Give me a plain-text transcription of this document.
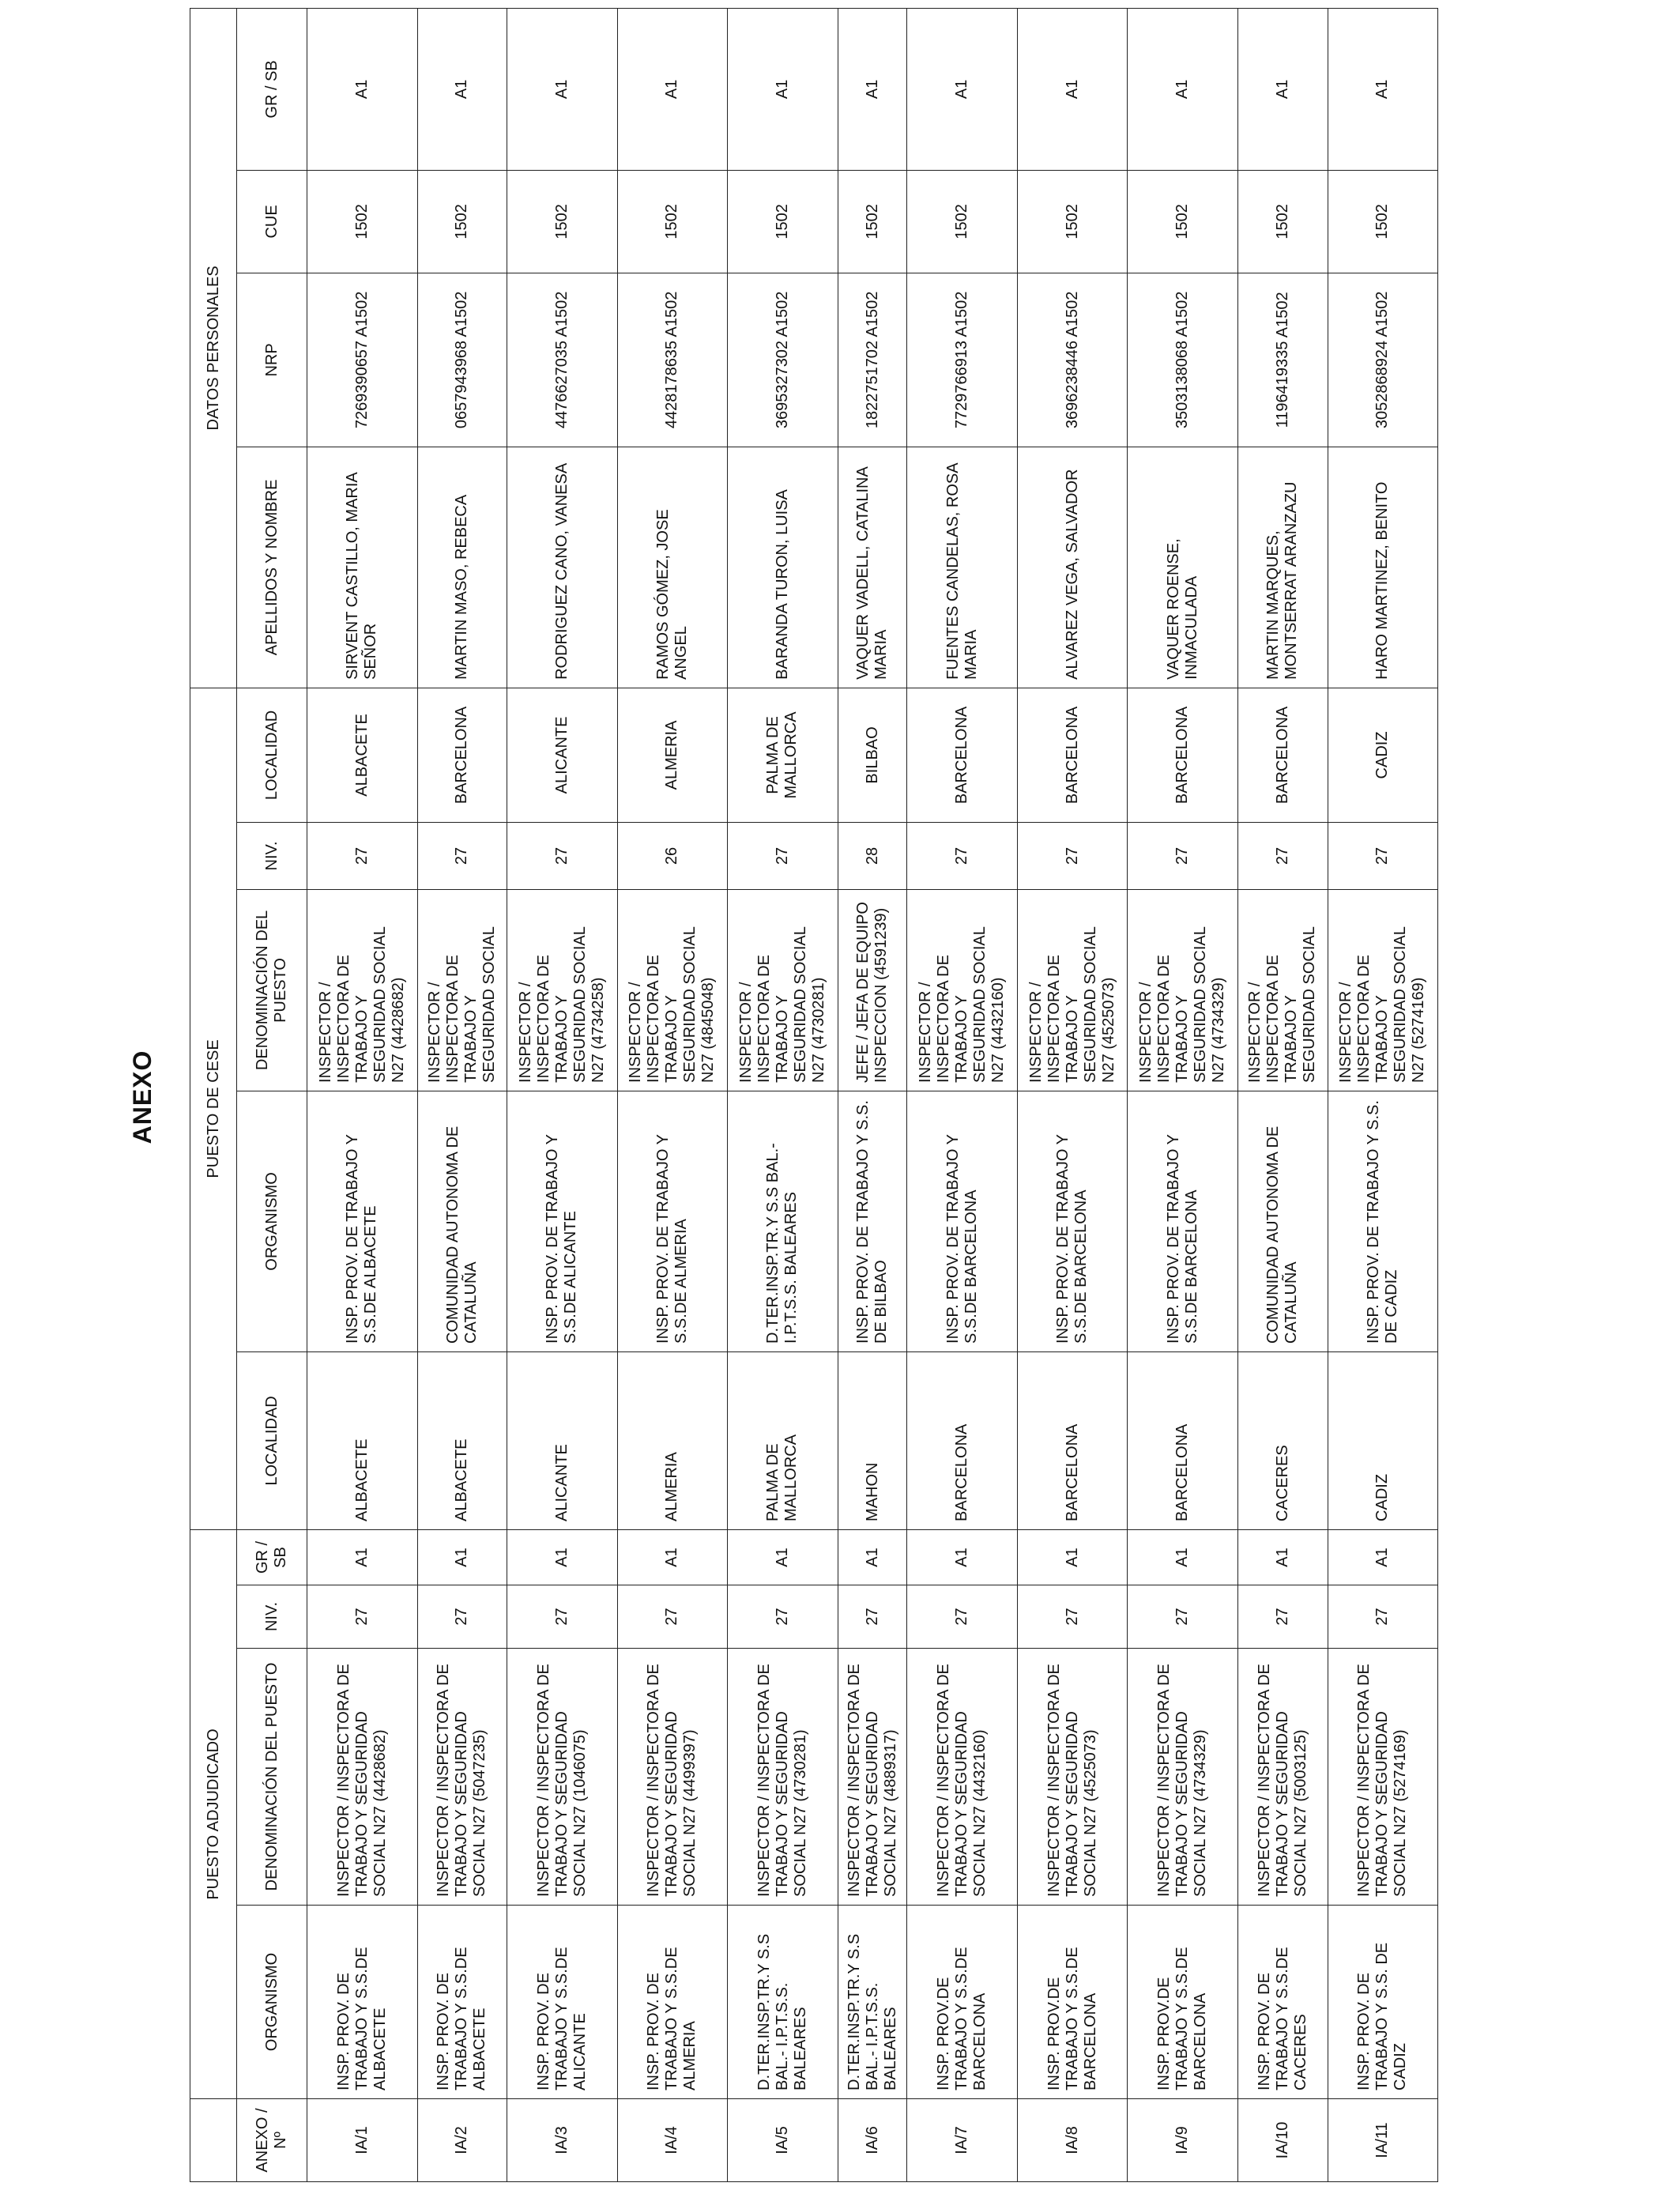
ANEXO
	PUESTO ADJUDICADO				PUESTO DE CESE					DATOS PERSONALES			
ANEXO / Nº	ORGANISMO	DENOMINACIÓN DEL PUESTO	NIV.	GR / SB	LOCALIDAD	ORGANISMO	DENOMINACIÓN DEL PUESTO	NIV.	LOCALIDAD	APELLIDOS Y NOMBRE	NRP	CUE	GR / SB
IA/1	INSP. PROV. DE TRABAJO Y S.S.DE ALBACETE	INSPECTOR / INSPECTORA DE TRABAJO Y SEGURIDAD SOCIAL N27 (4428682)	27	A1	ALBACETE	INSP. PROV. DE TRABAJO Y S.S.DE ALBACETE	INSPECTOR / INSPECTORA DE TRABAJO Y SEGURIDAD SOCIAL N27 (4428682)	27	ALBACETE	SIRVENT CASTILLO, MARIA SEÑOR	7269390657 A1502	1502	A1
IA/2	INSP. PROV. DE TRABAJO Y S.S.DE ALBACETE	INSPECTOR / INSPECTORA DE TRABAJO Y SEGURIDAD SOCIAL N27 (5047235)	27	A1	ALBACETE	COMUNIDAD AUTONOMA DE CATALUÑA	INSPECTOR / INSPECTORA DE TRABAJO Y SEGURIDAD SOCIAL	27	BARCELONA	MARTIN MASO, REBECA	0657943968 A1502	1502	A1
IA/3	INSP. PROV. DE TRABAJO Y S.S.DE ALICANTE	INSPECTOR / INSPECTORA DE TRABAJO Y SEGURIDAD SOCIAL N27 (1046075)	27	A1	ALICANTE	INSP. PROV. DE TRABAJO Y S.S.DE ALICANTE	INSPECTOR / INSPECTORA DE TRABAJO Y SEGURIDAD SOCIAL N27 (4734258)	27	ALICANTE	RODRIGUEZ CANO, VANESA	4476627035 A1502	1502	A1
IA/4	INSP. PROV. DE TRABAJO Y S.S.DE ALMERIA	INSPECTOR / INSPECTORA DE TRABAJO Y SEGURIDAD SOCIAL N27 (4499397)	27	A1	ALMERIA	INSP. PROV. DE TRABAJO Y S.S.DE ALMERIA	INSPECTOR / INSPECTORA DE TRABAJO Y SEGURIDAD SOCIAL N27 (4845048)	26	ALMERIA	RAMOS GÓMEZ, JOSE ANGEL	4428178635 A1502	1502	A1
IA/5	D.TER.INSP.TR.Y S.S BAL.- I.P.T.S.S. BALEARES	INSPECTOR / INSPECTORA DE TRABAJO Y SEGURIDAD SOCIAL N27 (4730281)	27	A1	PALMA DE MALLORCA	D.TER.INSP.TR.Y S.S BAL.- I.P.T.S.S. BALEARES	INSPECTOR / INSPECTORA DE TRABAJO Y SEGURIDAD SOCIAL N27 (4730281)	27	PALMA DE MALLORCA	BARANDA TURON, LUISA	3695327302 A1502	1502	A1
IA/6	D.TER.INSP.TR.Y S.S BAL.- I.P.T.S.S. BALEARES	INSPECTOR / INSPECTORA DE TRABAJO Y SEGURIDAD SOCIAL N27 (4889317)	27	A1	MAHON	INSP. PROV. DE TRABAJO Y S.S. DE BILBAO	JEFE / JEFA DE EQUIPO INSPECCION (4591239)	28	BILBAO	VAQUER VADELL, CATALINA MARIA	1822751702 A1502	1502	A1
IA/7	INSP. PROV.DE TRABAJO Y S.S.DE BARCELONA	INSPECTOR / INSPECTORA DE TRABAJO Y SEGURIDAD SOCIAL N27 (4432160)	27	A1	BARCELONA	INSP. PROV. DE TRABAJO Y S.S.DE BARCELONA	INSPECTOR / INSPECTORA DE TRABAJO Y SEGURIDAD SOCIAL N27 (4432160)	27	BARCELONA	FUENTES CANDELAS, ROSA MARIA	7729766913 A1502	1502	A1
IA/8	INSP. PROV.DE TRABAJO Y S.S.DE BARCELONA	INSPECTOR / INSPECTORA DE TRABAJO Y SEGURIDAD SOCIAL N27 (4525073)	27	A1	BARCELONA	INSP. PROV. DE TRABAJO Y S.S.DE BARCELONA	INSPECTOR / INSPECTORA DE TRABAJO Y SEGURIDAD SOCIAL N27 (4525073)	27	BARCELONA	ALVAREZ VEGA, SALVADOR	3696238446 A1502	1502	A1
IA/9	INSP. PROV.DE TRABAJO Y S.S.DE BARCELONA	INSPECTOR / INSPECTORA DE TRABAJO Y SEGURIDAD SOCIAL N27 (4734329)	27	A1	BARCELONA	INSP. PROV. DE TRABAJO Y S.S.DE BARCELONA	INSPECTOR / INSPECTORA DE TRABAJO Y SEGURIDAD SOCIAL N27 (4734329)	27	BARCELONA	VAQUER ROENSE, INMACULADA	3503138068 A1502	1502	A1
IA/10	INSP. PROV. DE TRABAJO Y S.S.DE CACERES	INSPECTOR / INSPECTORA DE TRABAJO Y SEGURIDAD SOCIAL N27 (5003125)	27	A1	CACERES	COMUNIDAD AUTONOMA DE CATALUÑA	INSPECTOR / INSPECTORA DE TRABAJO Y SEGURIDAD SOCIAL	27	BARCELONA	MARTIN MARQUES, MONTSERRAT ARANZAZU	1196419335 A1502	1502	A1
IA/11	INSP. PROV. DE TRABAJO Y S.S. DE CADIZ	INSPECTOR / INSPECTORA DE TRABAJO Y SEGURIDAD SOCIAL N27 (5274169)	27	A1	CADIZ	INSP. PROV. DE TRABAJO Y S.S. DE CADIZ	INSPECTOR / INSPECTORA DE TRABAJO Y SEGURIDAD SOCIAL N27 (5274169)	27	CADIZ	HARO MARTINEZ, BENITO	3052868924 A1502	1502	A1
